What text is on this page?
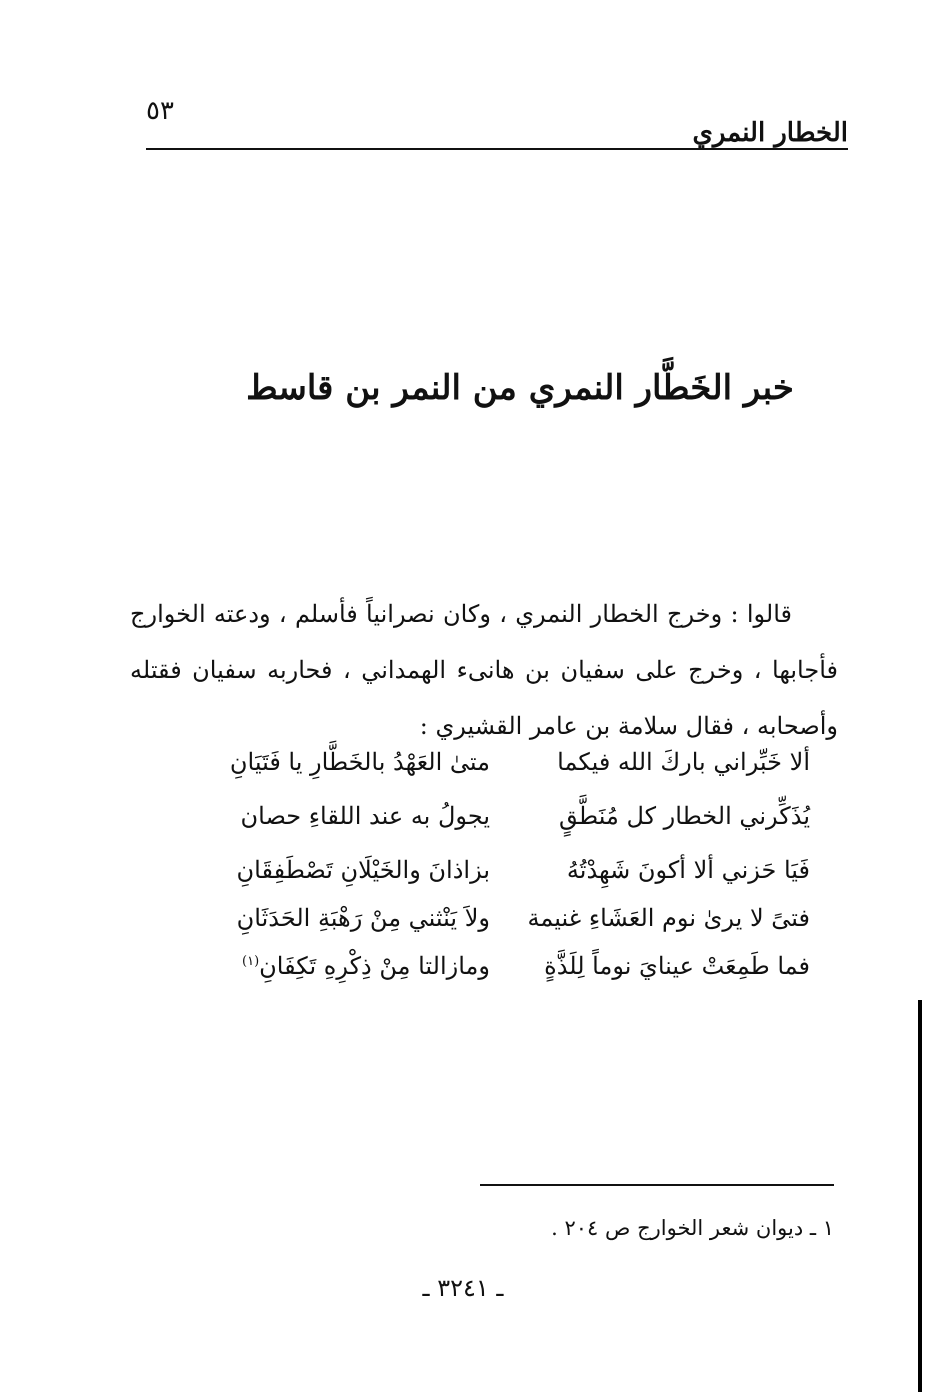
الخطار النمري
٥٣
خبر الخَطَّار النمري من النمر بن قاسط

قالوا : وخرج الخطار النمري ، وكان نصرانياً فأسلم ، ودعته الخوارج فأجابها ، وخرج على سفيان بن هانىء الهمداني ، فحاربه سفيان فقتله وأصحابه ، فقال سلامة بن عامر القشيري :

ألا خَبِّراني باركَ الله فيكما
متىٰ العَهْدُ بالخَطَّارِ يا فَتَيَانِ
يُذَكِّرني الخطار كل مُنَطَّقٍ
يجولُ به عند اللقاءِ حصان
فَيَا حَزني ألا أكونَ شَهِدْتُهُ
بزاذانَ والخَيْلَانِ تَصْطَفِقَانِ
فتىً لا يرىٰ نوم العَشَاءِ غنيمة
ولاَ يَنْثني مِنْ رَهْبَةِ الحَدَثَانِ
فما طَمِعَتْ عينايَ نوماً لِلَذَّةٍ
ومازالتا مِنْ ذِكْرِهِ تَكِفَانِ$^{(١)}$
١ ـ ديوان شعر الخوارج ص ٢٠٤ .
ـ ٣٢٤١ ـ
